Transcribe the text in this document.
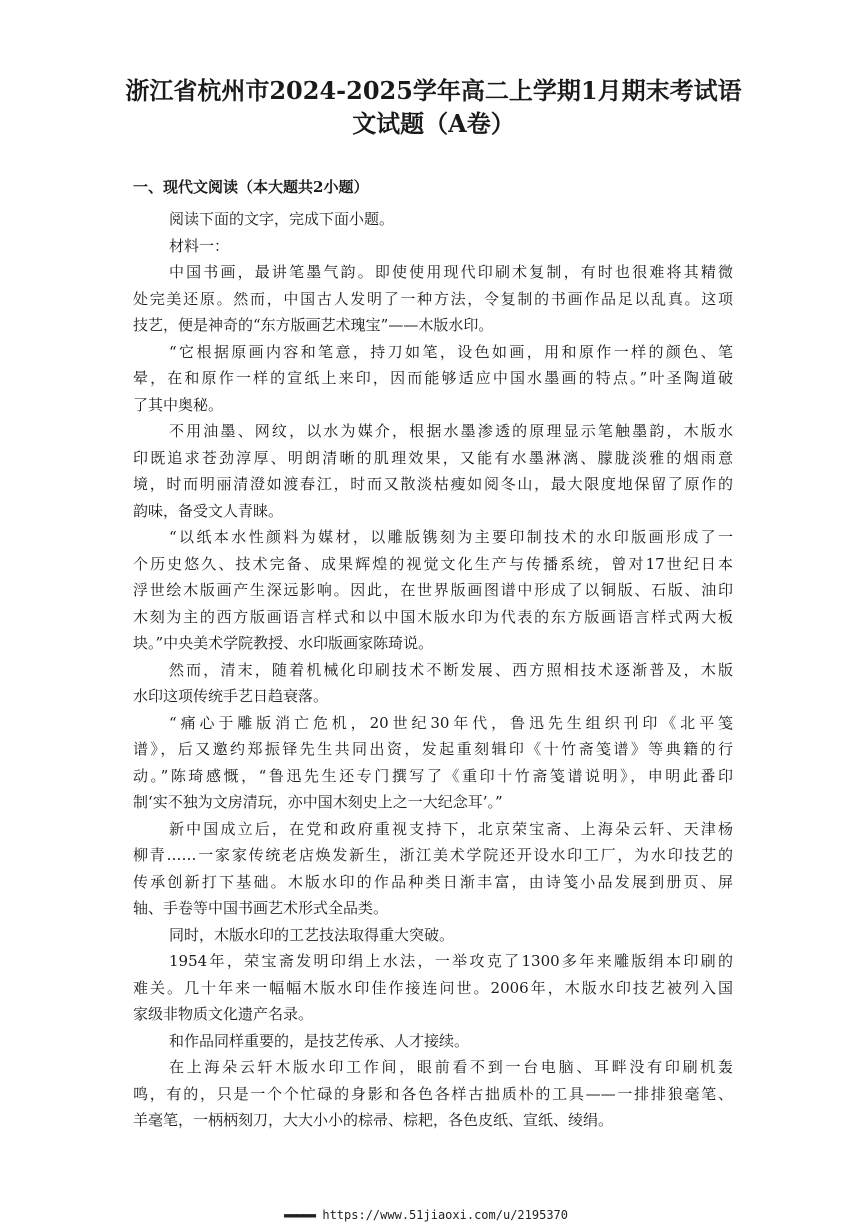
浙江省杭州市2024-2025学年高二上学期1月期末考试语
文试题（A卷）
一、现代文阅读（本大题共2小题）
阅读下面的文字，完成下面小题。
材料一：
中国书画，最讲笔墨气韵。即使使用现代印刷术复制，有时也很难将其精微
处完美还原。然而，中国古人发明了一种方法，令复制的书画作品足以乱真。这项
技艺，便是神奇的“东方版画艺术瑰宝”——木版水印。
“它根据原画内容和笔意，持刀如笔，设色如画，用和原作一样的颜色、笔
晕，在和原作一样的宣纸上来印，因而能够适应中国水墨画的特点。”叶圣陶道破
了其中奥秘。
不用油墨、网纹，以水为媒介，根据水墨渗透的原理显示笔触墨韵，木版水
印既追求苍劲淳厚、明朗清晰的肌理效果，又能有水墨淋漓、朦胧淡雅的烟雨意
境，时而明丽清澄如渡春江，时而又散淡枯瘦如阅冬山，最大限度地保留了原作的
韵味，备受文人青睐。
“以纸本水性颜料为媒材，以雕版镌刻为主要印制技术的水印版画形成了一
个历史悠久、技术完备、成果辉煌的视觉文化生产与传播系统，曾对17世纪日本
浮世绘木版画产生深远影响。因此，在世界版画图谱中形成了以铜版、石版、油印
木刻为主的西方版画语言样式和以中国木版水印为代表的东方版画语言样式两大板
块。”中央美术学院教授、水印版画家陈琦说。
然而，清末，随着机械化印刷技术不断发展、西方照相技术逐渐普及，木版
水印这项传统手艺日趋衰落。
“痛心于雕版消亡危机，20世纪30年代，鲁迅先生组织刊印《北平笺
谱》，后又邀约郑振铎先生共同出资，发起重刻辑印《十竹斋笺谱》等典籍的行
动。”陈琦感慨，“鲁迅先生还专门撰写了《重印十竹斋笺谱说明》，申明此番印
制‘实不独为文房清玩，亦中国木刻史上之一大纪念耳’。”
新中国成立后，在党和政府重视支持下，北京荣宝斋、上海朵云轩、天津杨
柳青……一家家传统老店焕发新生，浙江美术学院还开设水印工厂，为水印技艺的
传承创新打下基础。木版水印的作品种类日渐丰富，由诗笺小品发展到册页、屏
轴、手卷等中国书画艺术形式全品类。
同时，木版水印的工艺技法取得重大突破。
1954年，荣宝斋发明印绢上水法，一举攻克了1300多年来雕版绢本印刷的
难关。几十年来一幅幅木版水印佳作接连问世。2006年，木版水印技艺被列入国
家级非物质文化遗产名录。
和作品同样重要的，是技艺传承、人才接续。
在上海朵云轩木版水印工作间，眼前看不到一台电脑、耳畔没有印刷机轰
鸣，有的，只是一个个忙碌的身影和各色各样古拙质朴的工具——一排排狼毫笔、
羊毫笔，一柄柄刻刀，大大小小的棕帚、棕耙，各色皮纸、宣纸、绫绢。
▬▬▬▬▬ https://www.51jiaoxi.com/u/2195370
